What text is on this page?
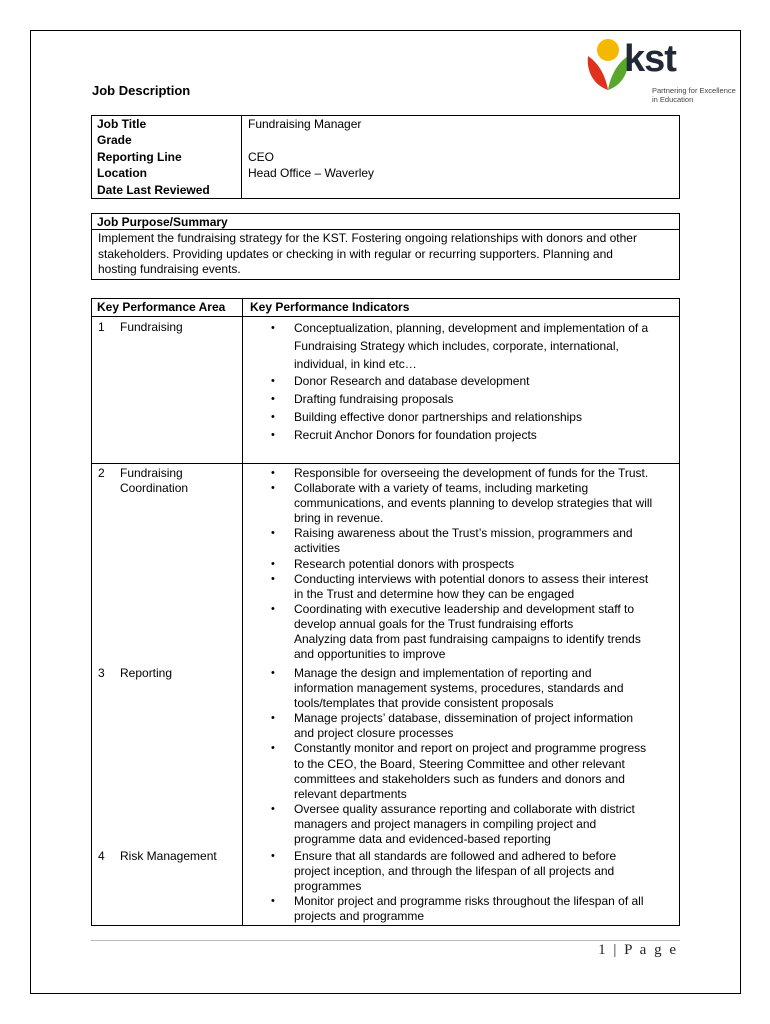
kst
Partnering for Excellence in Education
Job Description
Job Title	Fundraising Manager
Grade
Reporting Line	CEO
Location	Head Office – Waverley
Date Last Reviewed
Job Purpose/Summary
Implement the fundraising strategy for the KST. Fostering ongoing relationships with donors and other
stakeholders. Providing updates or checking in with regular or recurring supporters. Planning and
hosting fundraising events.
Key Performance Area Key Performance Indicators
1 Fundraising	• Conceptualization, planning, development and implementation of a
Fundraising Strategy which includes, corporate, international,
individual, in kind etc…
• Donor Research and database development
• Drafting fundraising proposals
• Building effective donor partnerships and relationships
• Recruit Anchor Donors for foundation projects
2 Fundraising Coordination
• Responsible for overseeing the development of funds for the Trust.
• Collaborate with a variety of teams, including marketing
communications, and events planning to develop strategies that will
bring in revenue.
• Raising awareness about the Trust’s mission, programmers and
activities
• Research potential donors with prospects
• Conducting interviews with potential donors to assess their interest
in the Trust and determine how they can be engaged
• Coordinating with executive leadership and development staff to
develop annual goals for the Trust fundraising efforts
Analyzing data from past fundraising campaigns to identify trends
and opportunities to improve
3 Reporting	• Manage the design and implementation of reporting and
information management systems, procedures, standards and
tools/templates that provide consistent proposals
• Manage projects’ database, dissemination of project information
and project closure processes
• Constantly monitor and report on project and programme progress
to the CEO, the Board, Steering Committee and other relevant
committees and stakeholders such as funders and donors and
relevant departments
• Oversee quality assurance reporting and collaborate with district
managers and project managers in compiling project and
programme data and evidenced-based reporting
4 Risk Management	• Ensure that all standards are followed and adhered to before
project inception, and through the lifespan of all projects and
programmes
• Monitor project and programme risks throughout the lifespan of all
projects and programme
1 | P a g e
